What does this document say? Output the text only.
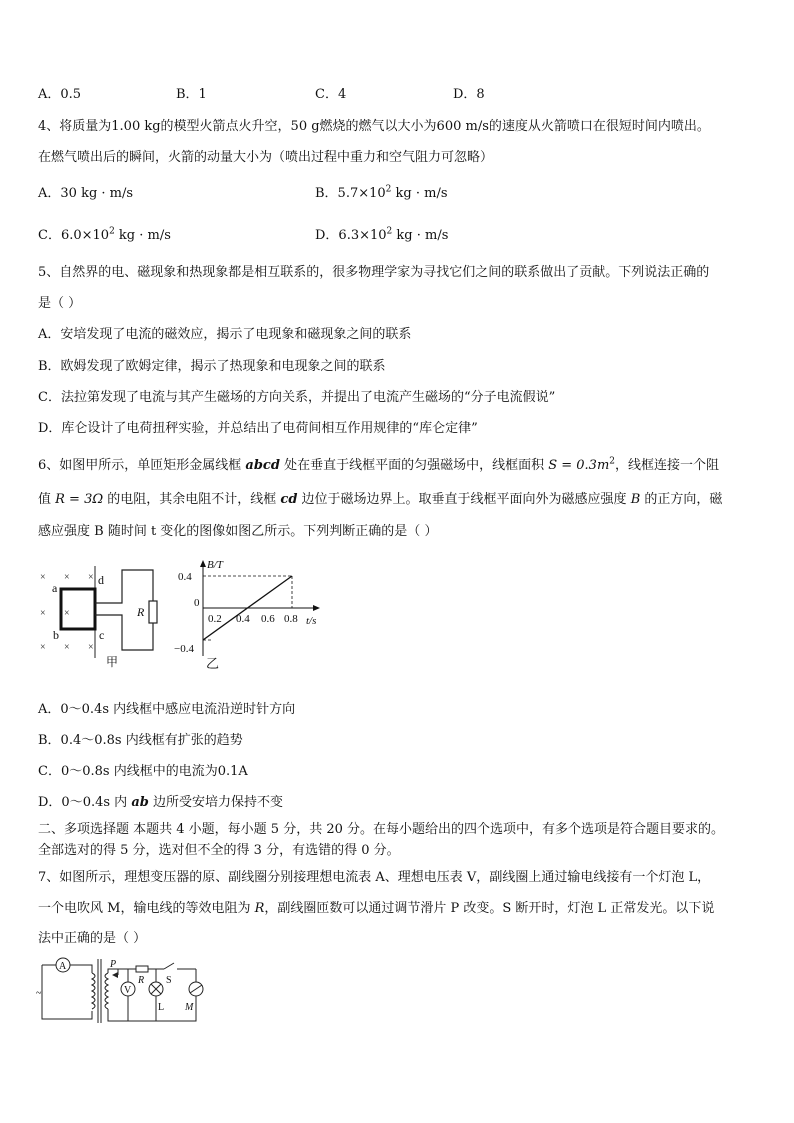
A．0.5	B．1	C．4	D．8
4、将质量为1.00 kg的模型火箭点火升空，50 g燃烧的燃气以大小为600 m/s的速度从火箭喷口在很短时间内喷出。
在燃气喷出后的瞬间，火箭的动量大小为（喷出过程中重力和空气阻力可忽略）
A．30 kg · m/s	B．$5.7\times 10^2$ kg · m/s
C．$6.0\times 10^2$ kg · m/s	D．$6.3\times 10^2$ kg · m/s
5、自然界的电、磁现象和热现象都是相互联系的，很多物理学家为寻找它们之间的联系做出了贡献。下列说法正确的
是（ ）
A．安培发现了电流的磁效应，揭示了电现象和磁现象之间的联系
B．欧姆发现了欧姆定律，揭示了热现象和电现象之间的联系
C．法拉第发现了电流与其产生磁场的方向关系，并提出了电流产生磁场的“分子电流假说”
D．库仑设计了电荷扭秤实验，并总结出了电荷间相互作用规律的“库仑定律”
6、如图甲所示，单匝矩形金属线框 abcd 处在垂直于线框平面的匀强磁场中，线框面积 $S = 0.3m^2$，线框连接一个阻
值 R = 3Ω 的电阻，其余电阻不计，线框 cd 边位于磁场边界上。取垂直于线框平面向外为磁感应强度 B 的正方向，磁
感应强度 B 随时间 t 变化的图像如图乙所示。下列判断正确的是（ ）
× × ×
× ×
× × ×
a
b	c
d
R
甲
B/T
t/s
0.4
−0.4
0
0.2 0.4 0.6 0.8
乙
A．0～0.4s 内线框中感应电流沿逆时针方向
B．0.4～0.8s 内线框有扩张的趋势
C．0～0.8s 内线框中的电流为0.1A
D．0～0.4s 内 ab 边所受安培力保持不变
二、多项选择题 本题共 4 小题，每小题 5 分，共 20 分。在每小题给出的四个选项中，有多个选项是符合题目要求的。
全部选对的得 5 分，选对但不全的得 3 分，有选错的得 0 分。
7、如图所示，理想变压器的原、副线圈分别接理想电流表 A、理想电压表 V，副线圈上通过输电线接有一个灯泡 L，
一个电吹风 M，输电线的等效电阻为 R，副线圈匝数可以通过调节滑片 P 改变。S 断开时，灯泡 L 正常发光。以下说
法中正确的是（ ）
A
V
P
R S
L M
~
